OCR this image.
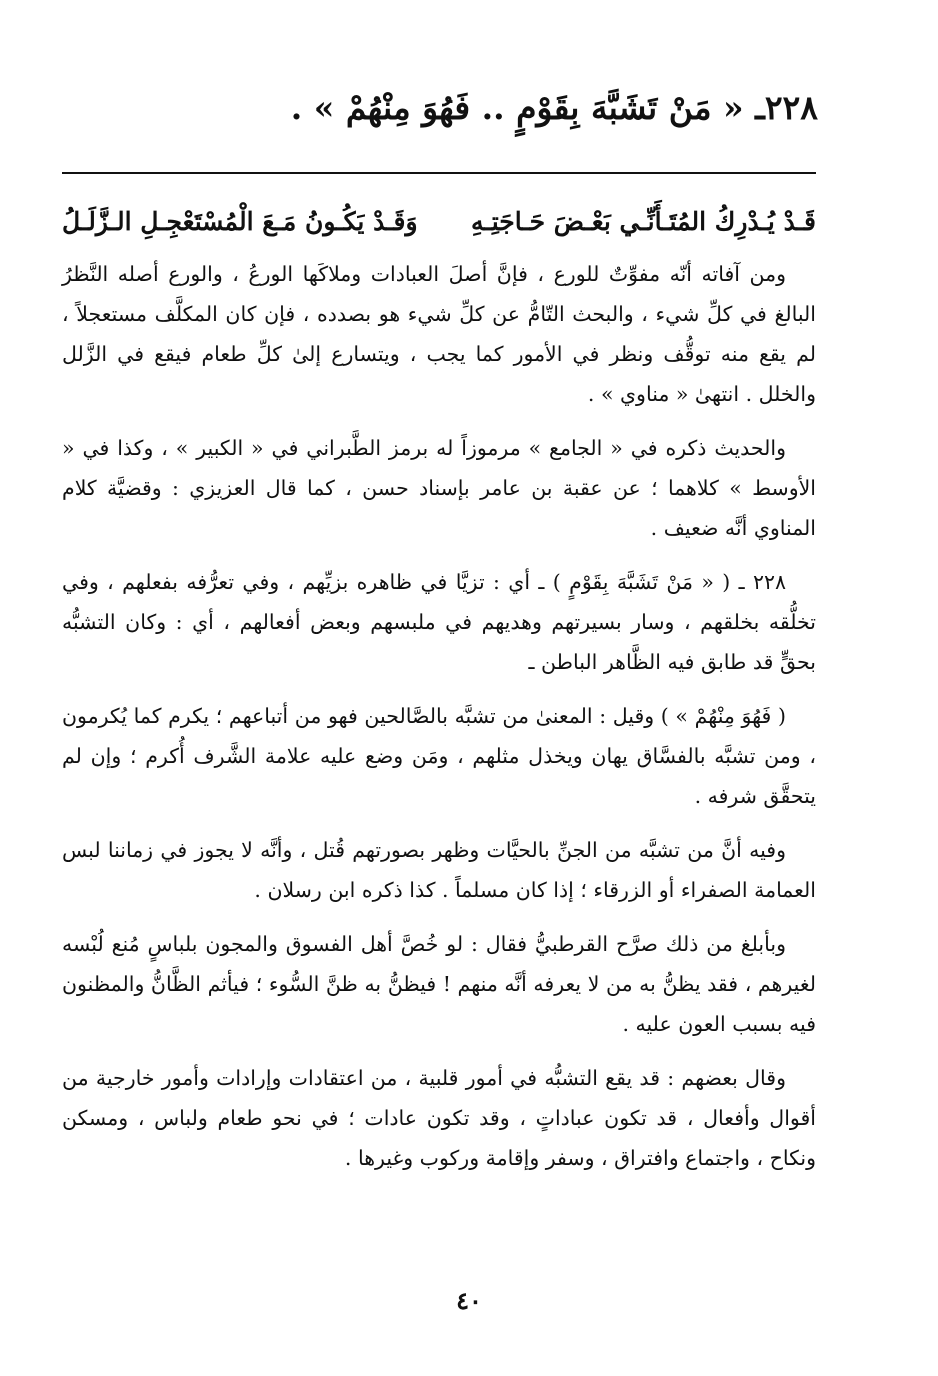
٢٢٨ـ « مَنْ تَشَبَّهَ بِقَوْمٍ .. فَهُوَ مِنْهُمْ » .
قَـدْ يُـدْرِكُ المُتَـأَنِّـي بَعْـضَ حَـاجَتِـهِ
وَقَـدْ يَكُـونُ مَـعَ الْمُسْتَعْجِـلِ الـزَّلَـلُ

ومن آفاته أنّه مفوِّتٌ للورع ، فإنَّ أصلَ العبادات وملاكَها الورعُ ، والورع أصله النَّظرُ البالغ في كلِّ شيء ، والبحث التّامُّ عن كلِّ شيء هو بصدده ، فإن كان المكلَّف مستعجلاً ، لم يقع منه توقُّف ونظر في الأمور كما يجب ، ويتسارع إلىٰ كلِّ طعام فيقع في الزَّلل والخلل . انتهىٰ « مناوي » .

والحديث ذكره في « الجامع » مرموزاً له برمز الطَّبراني في « الكبير » ، وكذا في « الأوسط » كلاهما ؛ عن عقبة بن عامر بإسناد حسن ، كما قال العزيزي : وقضيَّة كلام المناوي أنَّه ضعيف .

٢٢٨ ـ ( « مَنْ تَشَبَّهَ بِقَوْمٍ ) ـ أي : تزيَّا في ظاهره بزيِّهم ، وفي تعرُّفه بفعلهم ، وفي تخلُّقه بخلقهم ، وسار بسيرتهم وهديهم في ملبسهم وبعض أفعالهم ، أي : وكان التشبُّه بحقٍّ قد طابق فيه الظَّاهر الباطن ـ

( فَهُوَ مِنْهُمْ » ) وقيل : المعنىٰ من تشبَّه بالصَّالحين فهو من أتباعهم ؛ يكرم كما يُكرمون ، ومن تشبَّه بالفسَّاق يهان ويخذل مثلهم ، ومَن وضع عليه علامة الشَّرف أُكرم ؛ وإن لم يتحقَّق شرفه .

وفيه أنَّ من تشبَّه من الجنِّ بالحيَّات وظهر بصورتهم قُتل ، وأنَّه لا يجوز في زماننا لبس العمامة الصفراء أو الزرقاء ؛ إذا كان مسلماً . كذا ذكره ابن رسلان .

وبأبلغ من ذلك صرَّح القرطبيُّ فقال : لو خُصَّ أهل الفسوق والمجون بلباسٍ مُنع لُبْسه لغيرهم ، فقد يظنُّ به من لا يعرفه أنَّه منهم ! فيظنُّ به ظنَّ السُّوء ؛ فيأثم الظَّانُّ والمظنون فيه بسبب العون عليه .

وقال بعضهم : قد يقع التشبُّه في أمور قلبية ، من اعتقادات وإرادات وأمور خارجية من أقوال وأفعال ، قد تكون عباداتٍ ، وقد تكون عادات ؛ في نحو طعام ولباس ، ومسكن ونكاح ، واجتماع وافتراق ، وسفر وإقامة وركوب وغيرها .

٤٠
